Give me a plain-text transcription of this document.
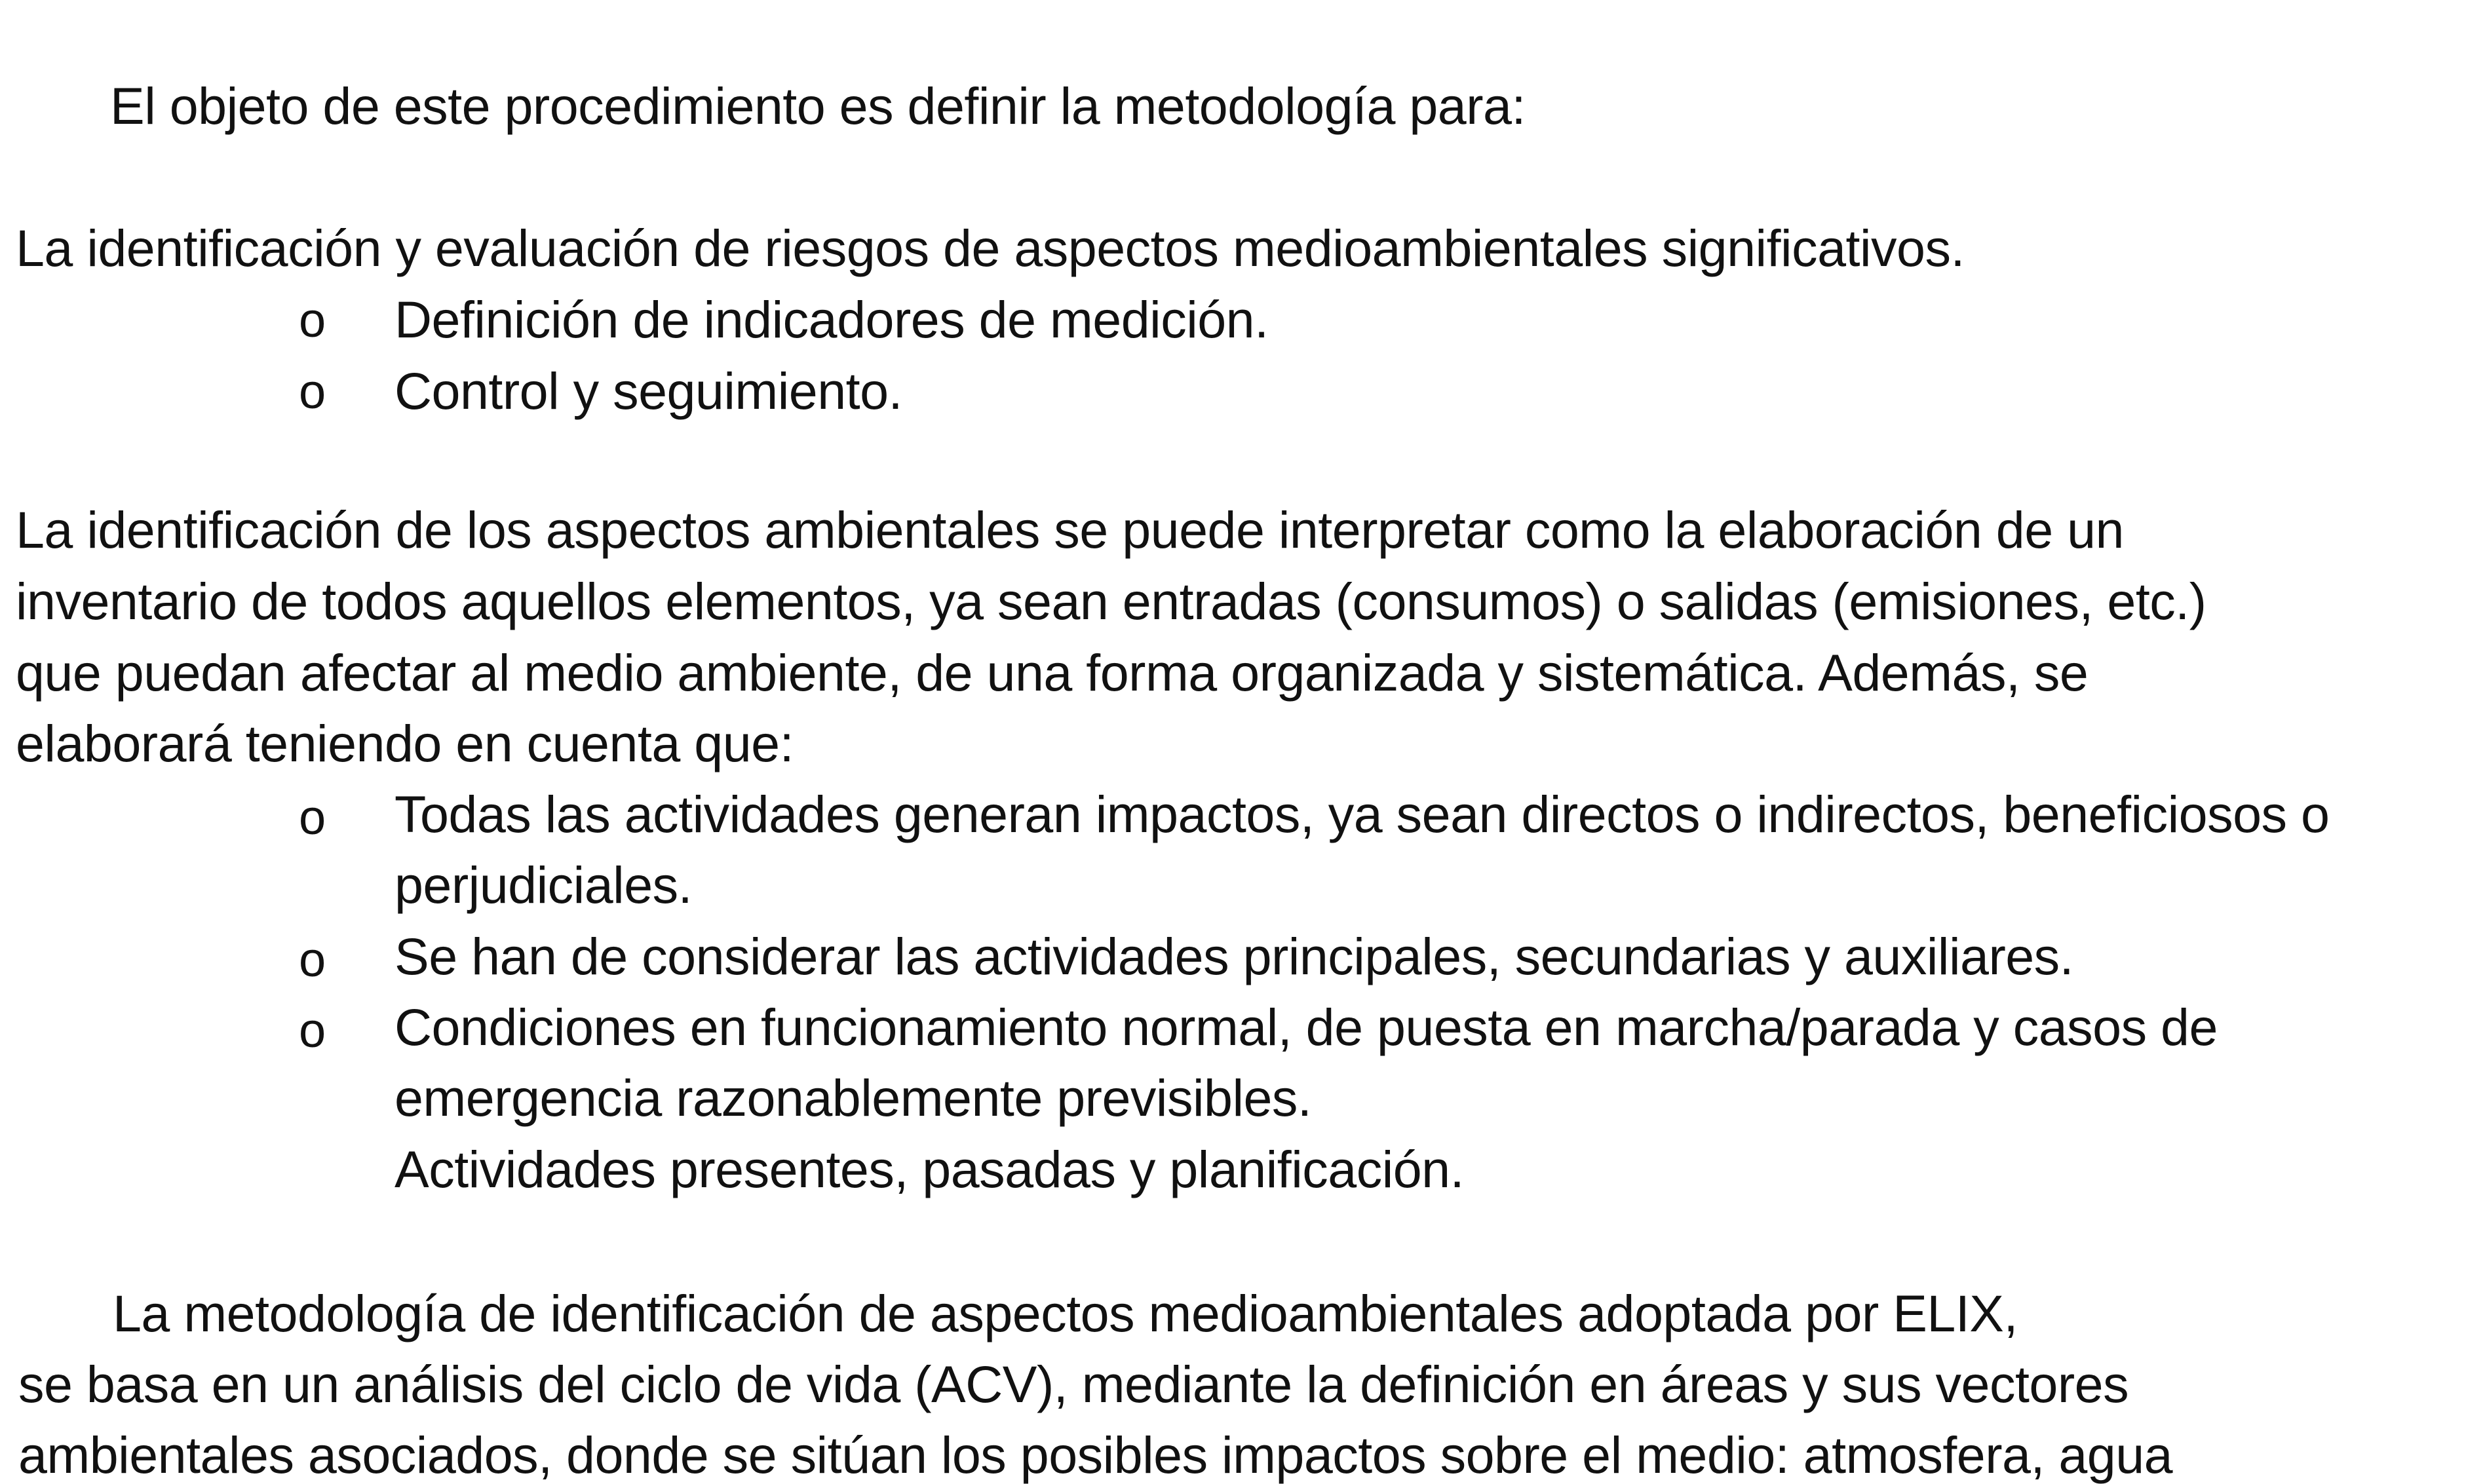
El objeto de este procedimiento es definir la metodología para:
La identificación y evaluación de riesgos de aspectos medioambientales significativos.
o Definición de indicadores de medición.
o Control y seguimiento.
La identificación de los aspectos ambientales se puede interpretar como la elaboración de un
inventario de todos aquellos elementos, ya sean entradas (consumos) o salidas (emisiones, etc.)
que puedan afectar al medio ambiente, de una forma organizada y sistemática. Además, se
elaborará teniendo en cuenta que:
o Todas las actividades generan impactos, ya sean directos o indirectos, beneficiosos o
perjudiciales.
o Se han de considerar las actividades principales, secundarias y auxiliares.
o Condiciones en funcionamiento normal, de puesta en marcha/parada y casos de
emergencia razonablemente previsibles.
Actividades presentes, pasadas y planificación.
La metodología de identificación de aspectos medioambientales adoptada por ELIX,
se basa en un análisis del ciclo de vida (ACV), mediante la definición en áreas y sus vectores
ambientales asociados, donde se sitúan los posibles impactos sobre el medio: atmosfera, agua
